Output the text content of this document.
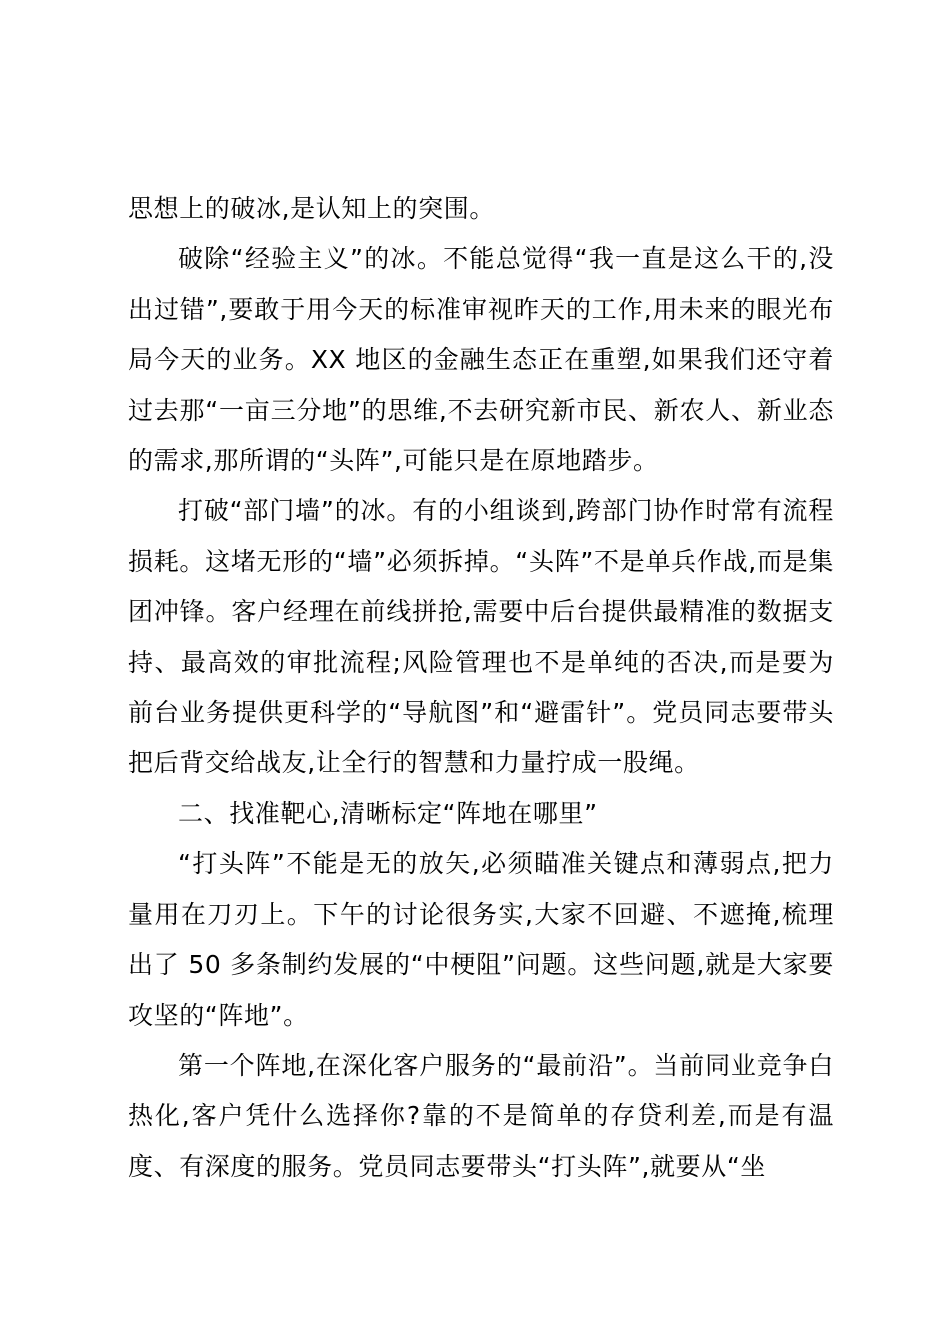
思想上的破冰,是认知上的突围。

破除“经验主义”的冰。不能总觉得“我一直是这么干的,没出过错”,要敢于用今天的标准审视昨天的工作,用未来的眼光布局今天的业务。XX 地区的金融生态正在重塑,如果我们还守着过去那“一亩三分地”的思维,不去研究新市民、新农人、新业态的需求,那所谓的“头阵”,可能只是在原地踏步。

打破“部门墙”的冰。有的小组谈到,跨部门协作时常有流程损耗。这堵无形的“墙”必须拆掉。“头阵”不是单兵作战,而是集团冲锋。客户经理在前线拼抢,需要中后台提供最精准的数据支持、最高效的审批流程;风险管理也不是单纯的否决,而是要为前台业务提供更科学的“导航图”和“避雷针”。党员同志要带头把后背交给战友,让全行的智慧和力量拧成一股绳。

二、找准靶心,清晰标定“阵地在哪里”

“打头阵”不能是无的放矢,必须瞄准关键点和薄弱点,把力量用在刀刃上。下午的讨论很务实,大家不回避、不遮掩,梳理出了 50 多条制约发展的“中梗阻”问题。这些问题,就是大家要攻坚的“阵地”。

第一个阵地,在深化客户服务的“最前沿”。当前同业竞争白热化,客户凭什么选择你?靠的不是简单的存贷利差,而是有温度、有深度的服务。党员同志要带头“打头阵”,就要从“坐
